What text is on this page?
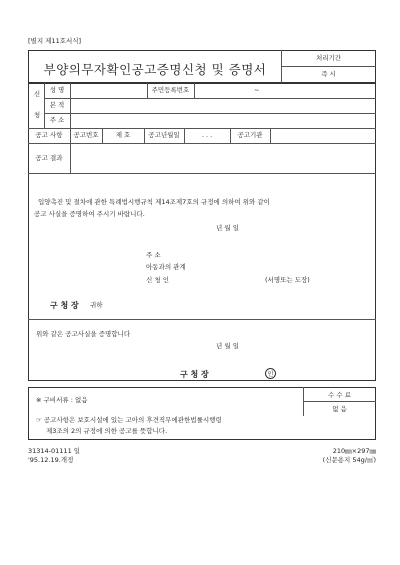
[별지 제11호서식]
부양의무자확인공고증명신청 및 증명서
처리기간
즉 시
신
청
성 명	주민등록번호	~
본 적
주 소
공고 사항	공고번호	제 호	공고년월일	. . .	공고기관
공고 결과
입양촉진 및 절차에 관한 특례법시행규칙 제14조제7호의 규정에 의하여 위와 같이
공고 사실을 증명하여 주시기 바랍니다.
년 월 일
주 소
아동과의 관계
신 청 인	(서명또는 도장)
구 청 장 귀하
위와 같은 공고사실을 증명합니다
년 월 일
구 청 장	인
※ 구비서류 : 없음
수 수 료
없 음
☞ 공고사항은 보호시설에 있는 고아의 후견직무에관한법률시행령
제3조의 2의 규정에 의한 공고를 뜻합니다.
31314-01111 일
'95.12.19.개정
210㎜×297㎜
(신문용지 54g/㎡)
